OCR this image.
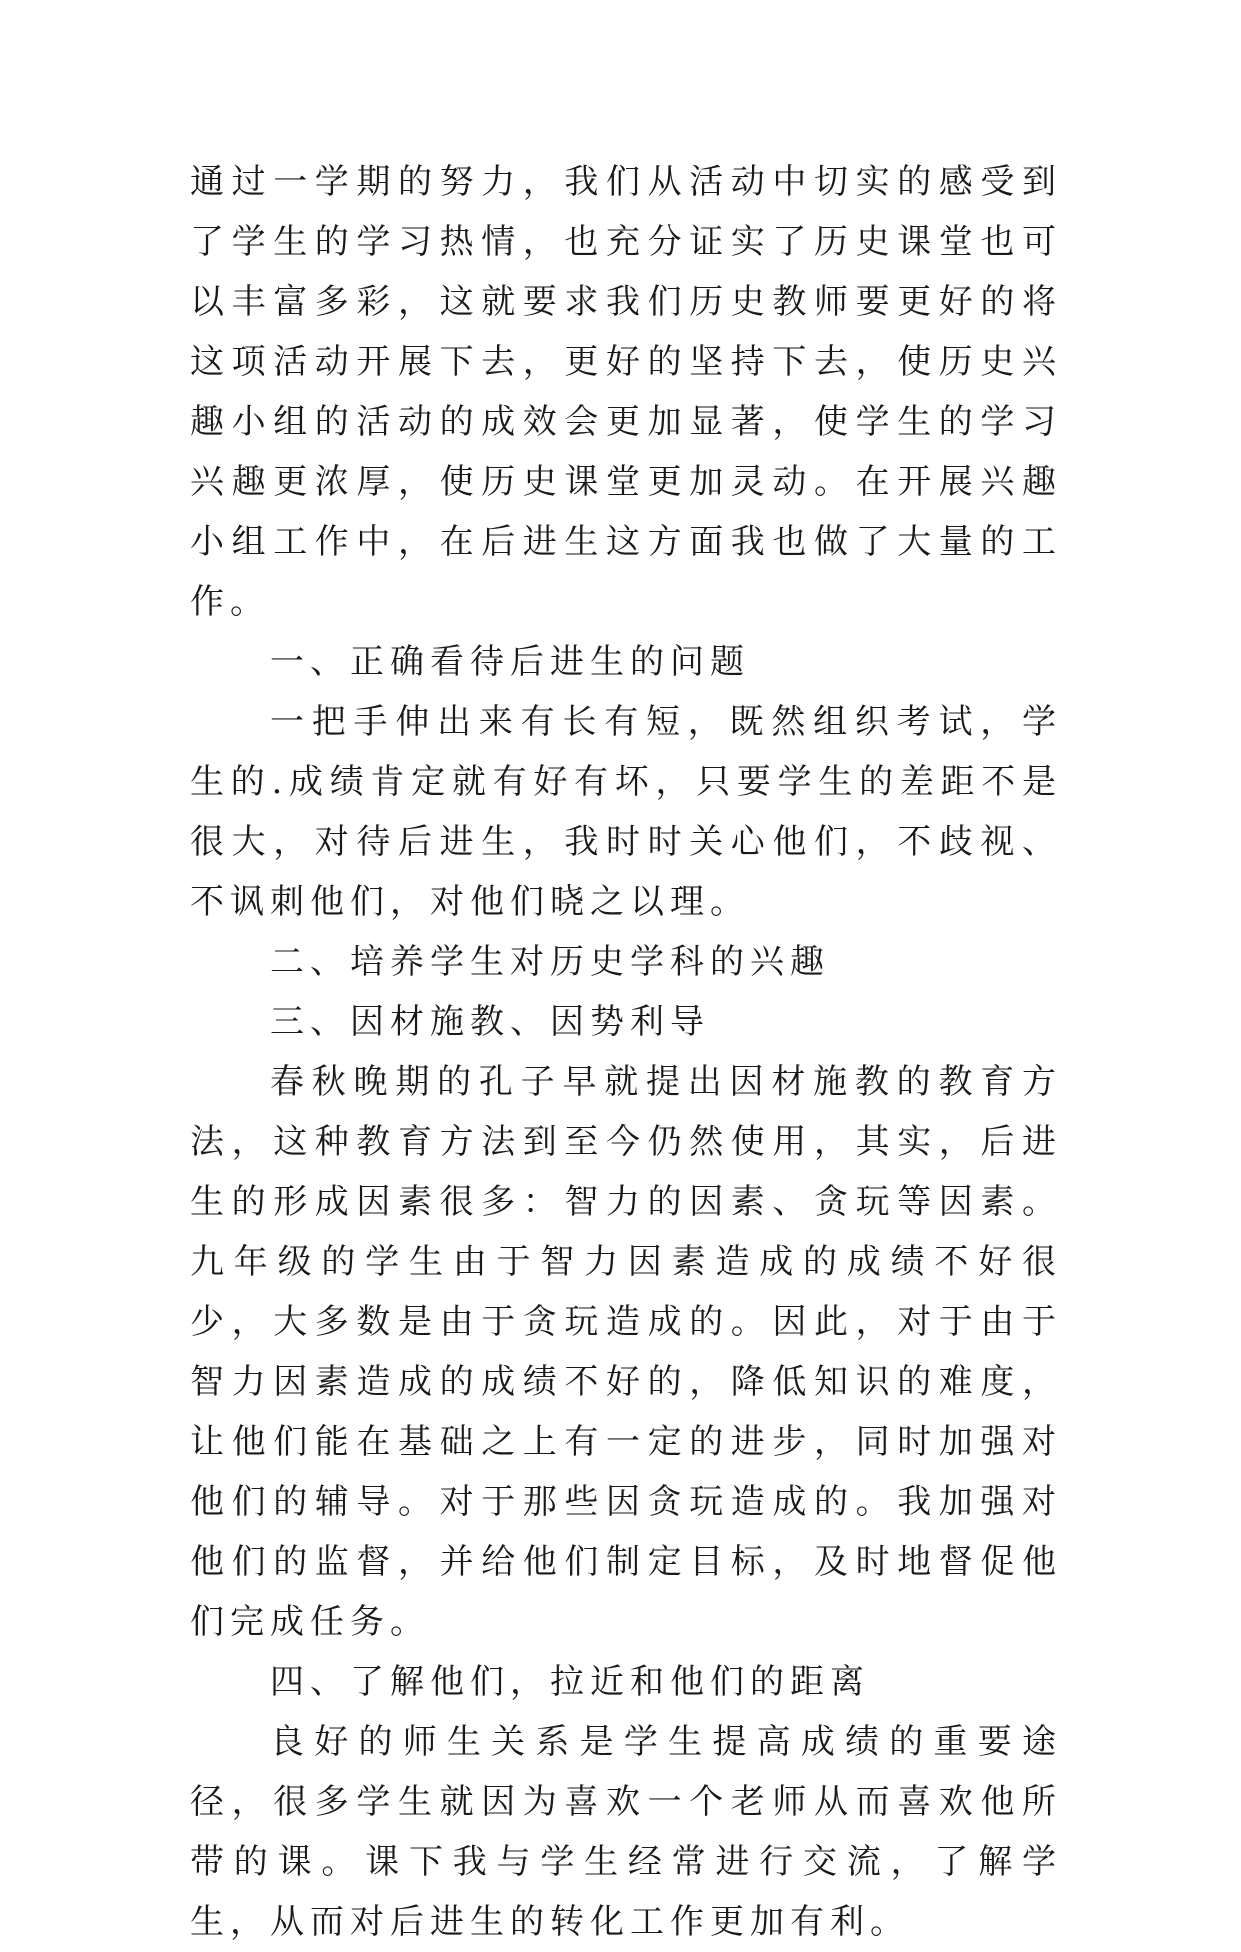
通过一学期的努力，我们从活动中切实的感受到了学生的学习热情，也充分证实了历史课堂也可以丰富多彩，这就要求我们历史教师要更好的将这项活动开展下去，更好的坚持下去，使历史兴趣小组的活动的成效会更加显著，使学生的学习兴趣更浓厚，使历史课堂更加灵动。在开展兴趣小组工作中，在后进生这方面我也做了大量的工作。

一、正确看待后进生的问题

一把手伸出来有长有短，既然组织考试，学生的.成绩肯定就有好有坏，只要学生的差距不是很大，对待后进生，我时时关心他们，不歧视、不讽刺他们，对他们晓之以理。

二、培养学生对历史学科的兴趣

三、因材施教、因势利导

春秋晚期的孔子早就提出因材施教的教育方法，这种教育方法到至今仍然使用，其实，后进生的形成因素很多：智力的因素、贪玩等因素。九年级的学生由于智力因素造成的成绩不好很少，大多数是由于贪玩造成的。因此，对于由于智力因素造成的成绩不好的，降低知识的难度，让他们能在基础之上有一定的进步，同时加强对他们的辅导。对于那些因贪玩造成的。我加强对他们的监督，并给他们制定目标，及时地督促他们完成任务。

四、了解他们，拉近和他们的距离

良好的师生关系是学生提高成绩的重要途径，很多学生就因为喜欢一个老师从而喜欢他所带的课。课下我与学生经常进行交流，了解学生，从而对后进生的转化工作更加有利。
